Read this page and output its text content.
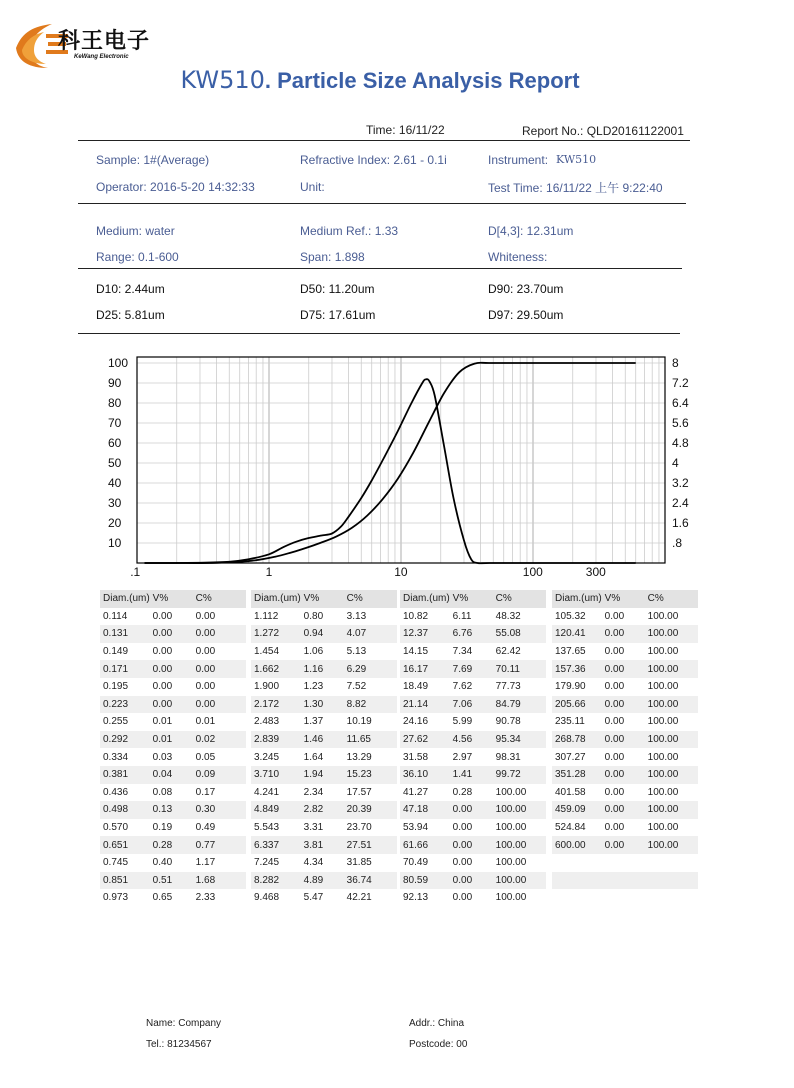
科王电子
KeWang Electronic
KW510. Particle Size Analysis Report
Time: 16/11/22	Report No.: QLD20161122001
Sample: 1#(Average)	Refractive Index: 2.61 - 0.1i	Instrument: KW510
Operator: 2016-5-20 14:32:33	Unit:	Test Time: 16/11/22 上午 9:22:40
Medium: water	Medium Ref.: 1.33	D[4,3]: 12.31um
Range: 0.1-600	Span: 1.898	Whiteness:
D10: 2.44um	D50: 11.20um	D90: 23.70um
D25: 5.81um	D75: 17.61um	D97: 29.50um
100
90
80
70
60
50
40
30
20
10
8
7.2
6.4
5.6
4.8
4
3.2
2.4
1.6
.8
.1	1	10	100	300
Diam.(um)	V%	C%
0.114	0.00	0.00
0.131	0.00	0.00
0.149	0.00	0.00
0.171	0.00	0.00
0.195	0.00	0.00
0.223	0.00	0.00
0.255	0.01	0.01
0.292	0.01	0.02
0.334	0.03	0.05
0.381	0.04	0.09
0.436	0.08	0.17
0.498	0.13	0.30
0.570	0.19	0.49
0.651	0.28	0.77
0.745	0.40	1.17
0.851	0.51	1.68
0.973	0.65	2.33
Diam.(um)	V%	C%
1.112	0.80	3.13
1.272	0.94	4.07
1.454	1.06	5.13
1.662	1.16	6.29
1.900	1.23	7.52
2.172	1.30	8.82
2.483	1.37	10.19
2.839	1.46	11.65
3.245	1.64	13.29
3.710	1.94	15.23
4.241	2.34	17.57
4.849	2.82	20.39
5.543	3.31	23.70
6.337	3.81	27.51
7.245	4.34	31.85
8.282	4.89	36.74
9.468	5.47	42.21
Diam.(um)	V%	C%
10.82	6.11	48.32
12.37	6.76	55.08
14.15	7.34	62.42
16.17	7.69	70.11
18.49	7.62	77.73
21.14	7.06	84.79
24.16	5.99	90.78
27.62	4.56	95.34
31.58	2.97	98.31
36.10	1.41	99.72
41.27	0.28	100.00
47.18	0.00	100.00
53.94	0.00	100.00
61.66	0.00	100.00
70.49	0.00	100.00
80.59	0.00	100.00
92.13	0.00	100.00
Diam.(um)	V%	C%
105.32	0.00	100.00
120.41	0.00	100.00
137.65	0.00	100.00
157.36	0.00	100.00
179.90	0.00	100.00
205.66	0.00	100.00
235.11	0.00	100.00
268.78	0.00	100.00
307.27	0.00	100.00
351.28	0.00	100.00
401.58	0.00	100.00
459.09	0.00	100.00
524.84	0.00	100.00
600.00	0.00	100.00

Name: Company
Tel.: 81234567
Addr.: China
Postcode: 00
